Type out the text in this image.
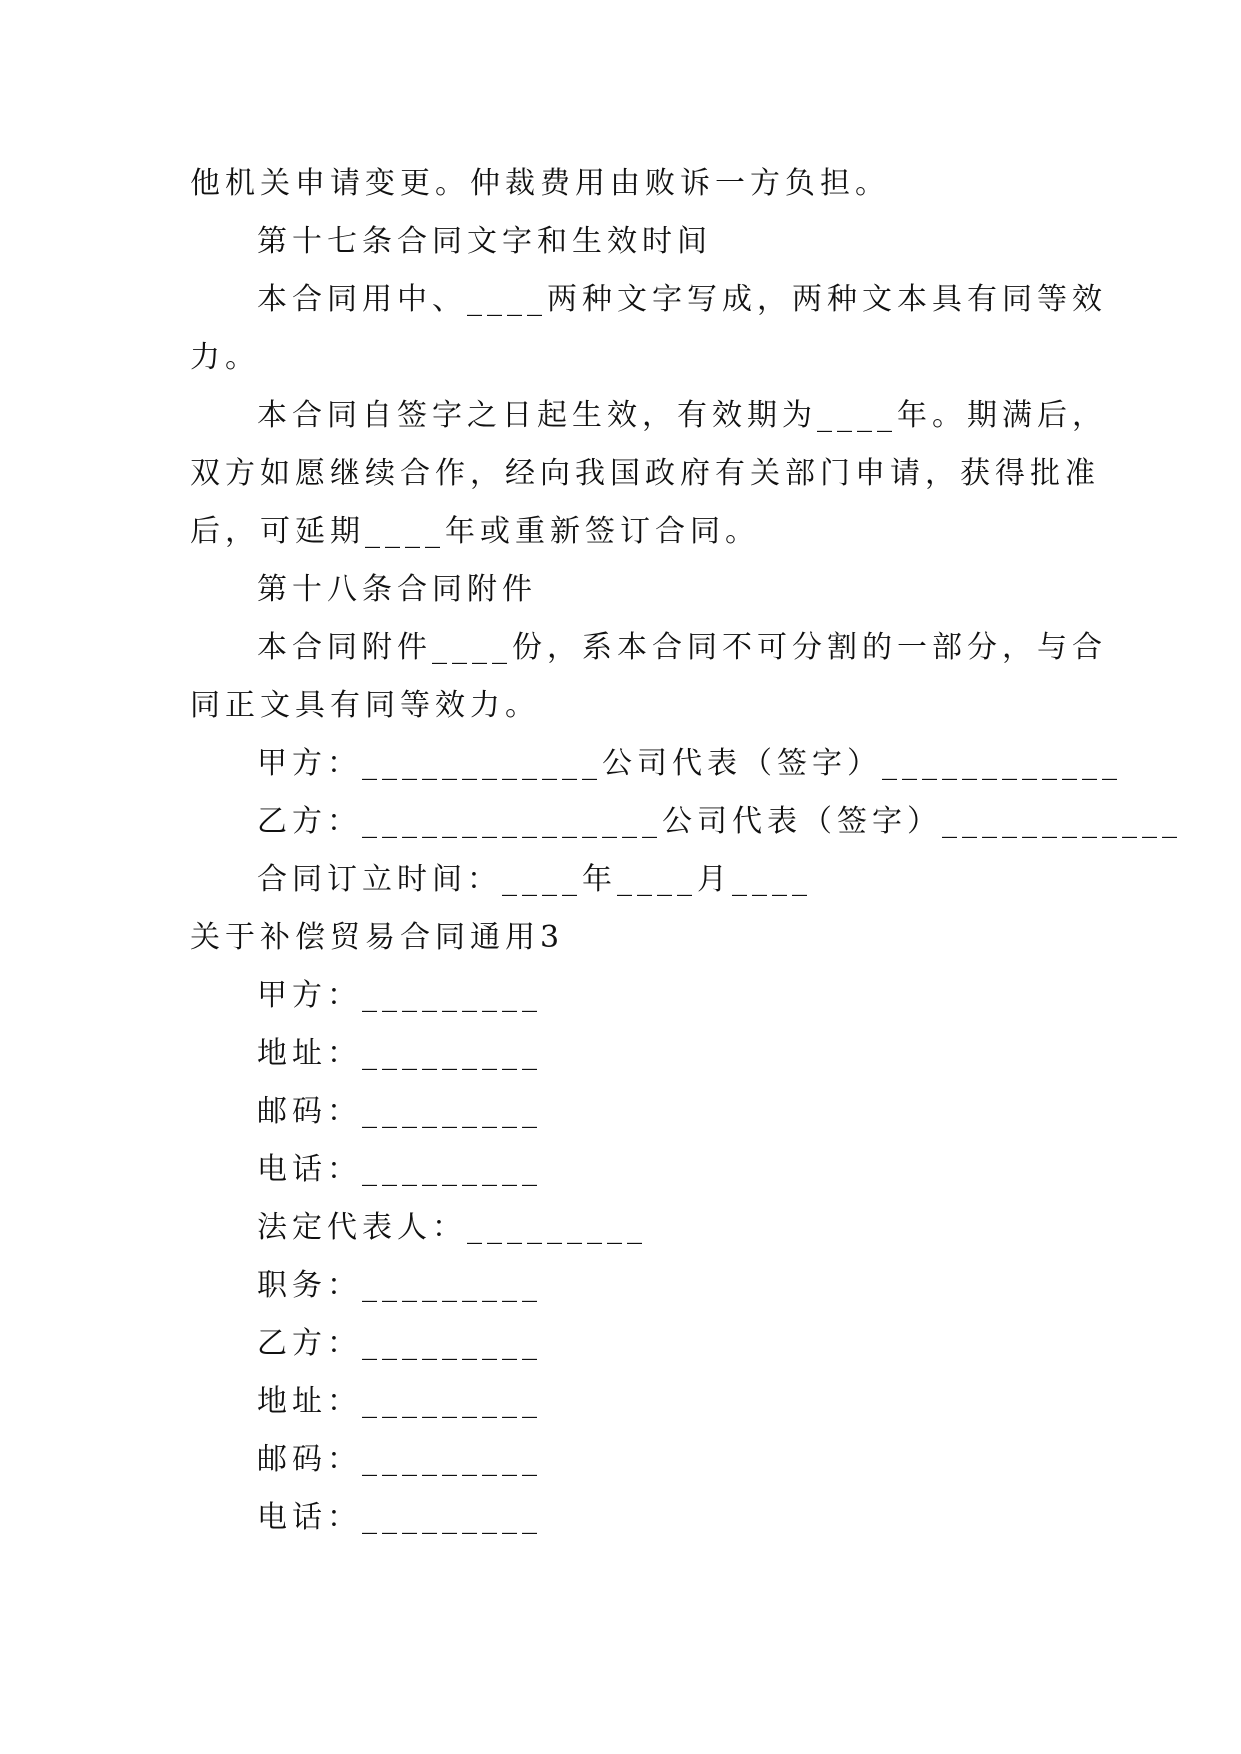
他机关申请变更。仲裁费用由败诉一方负担。
第十七条合同文字和生效时间
本合同用中、____两种文字写成，两种文本具有同等效
力。
本合同自签字之日起生效，有效期为____年。期满后，
双方如愿继续合作，经向我国政府有关部门申请，获得批准
后，可延期____年或重新签订合同。
第十八条合同附件
本合同附件____份，系本合同不可分割的一部分，与合
同正文具有同等效力。
甲方：____________公司代表（签字）____________
乙方：_______________公司代表（签字）____________
合同订立时间：____年____月____
关于补偿贸易合同通用3
甲方：_________
地址：_________
邮码：_________
电话：_________
法定代表人：_________
职务：_________
乙方：_________
地址：_________
邮码：_________
电话：_________
